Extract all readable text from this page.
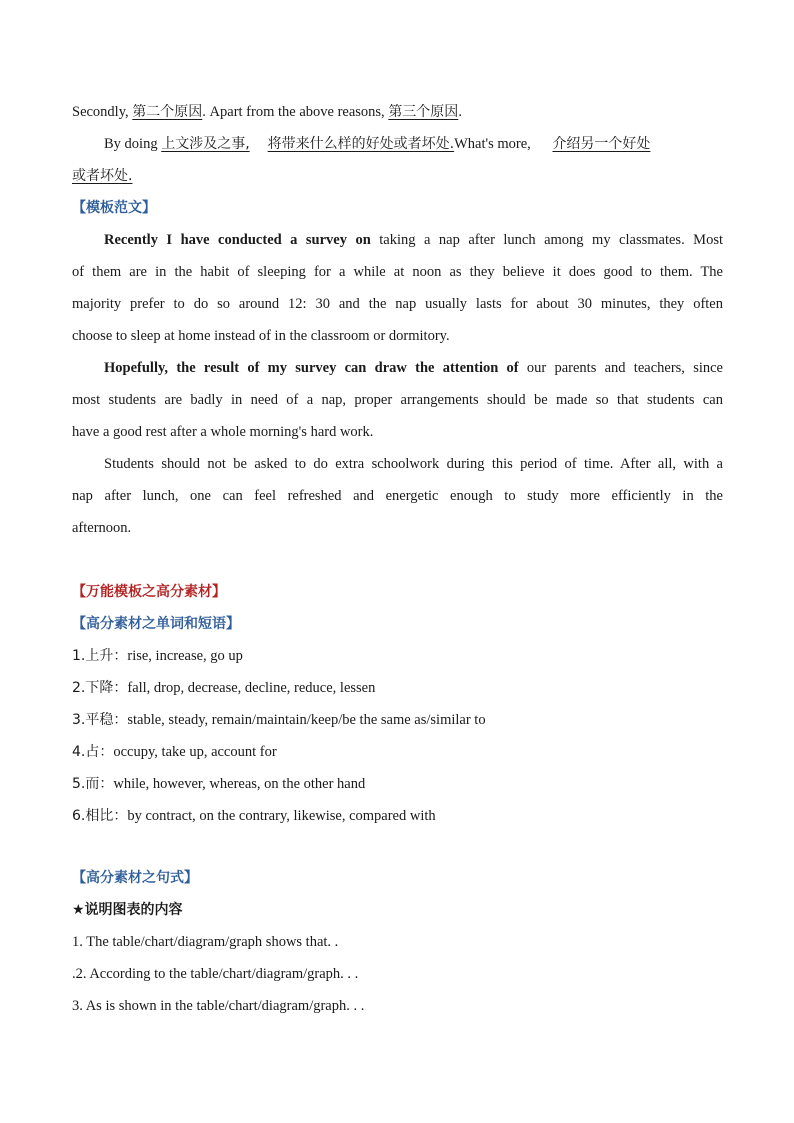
Secondly, 第二个原因. Apart from the above reasons, 第三个原因.
By doing 上文涉及之事, 将带来什么样的好处或者坏处.What's more, 介绍另一个好处
或者坏处.
【模板范文】
Recently I have conducted a survey on taking a nap after lunch among my classmates. Most
of them are in the habit of sleeping for a while at noon as they believe it does good to them. The
majority prefer to do so around 12: 30 and the nap usually lasts for about 30 minutes, they often
choose to sleep at home instead of in the classroom or dormitory.
Hopefully, the result of my survey can draw the attention of our parents and teachers, since
most students are badly in need of a nap, proper arrangements should be made so that students can
have a good rest after a whole morning's hard work.
Students should not be asked to do extra schoolwork during this period of time. After all, with a
nap after lunch, one can feel refreshed and energetic enough to study more efficiently in the
afternoon.
【万能模板之高分素材】
【高分素材之单词和短语】
1.上升：rise, increase, go up
2.下降：fall, drop, decrease, decline, reduce, lessen
3.平稳：stable, steady, remain/maintain/keep/be the same as/similar to
4.占：occupy, take up, account for
5.而：while, however, whereas, on the other hand
6.相比：by contract, on the contrary, likewise, compared with
【高分素材之句式】
★说明图表的内容
1. The table/chart/diagram/graph shows that. .
.2. According to the table/chart/diagram/graph. . .
3. As is shown in the table/chart/diagram/graph. . .
